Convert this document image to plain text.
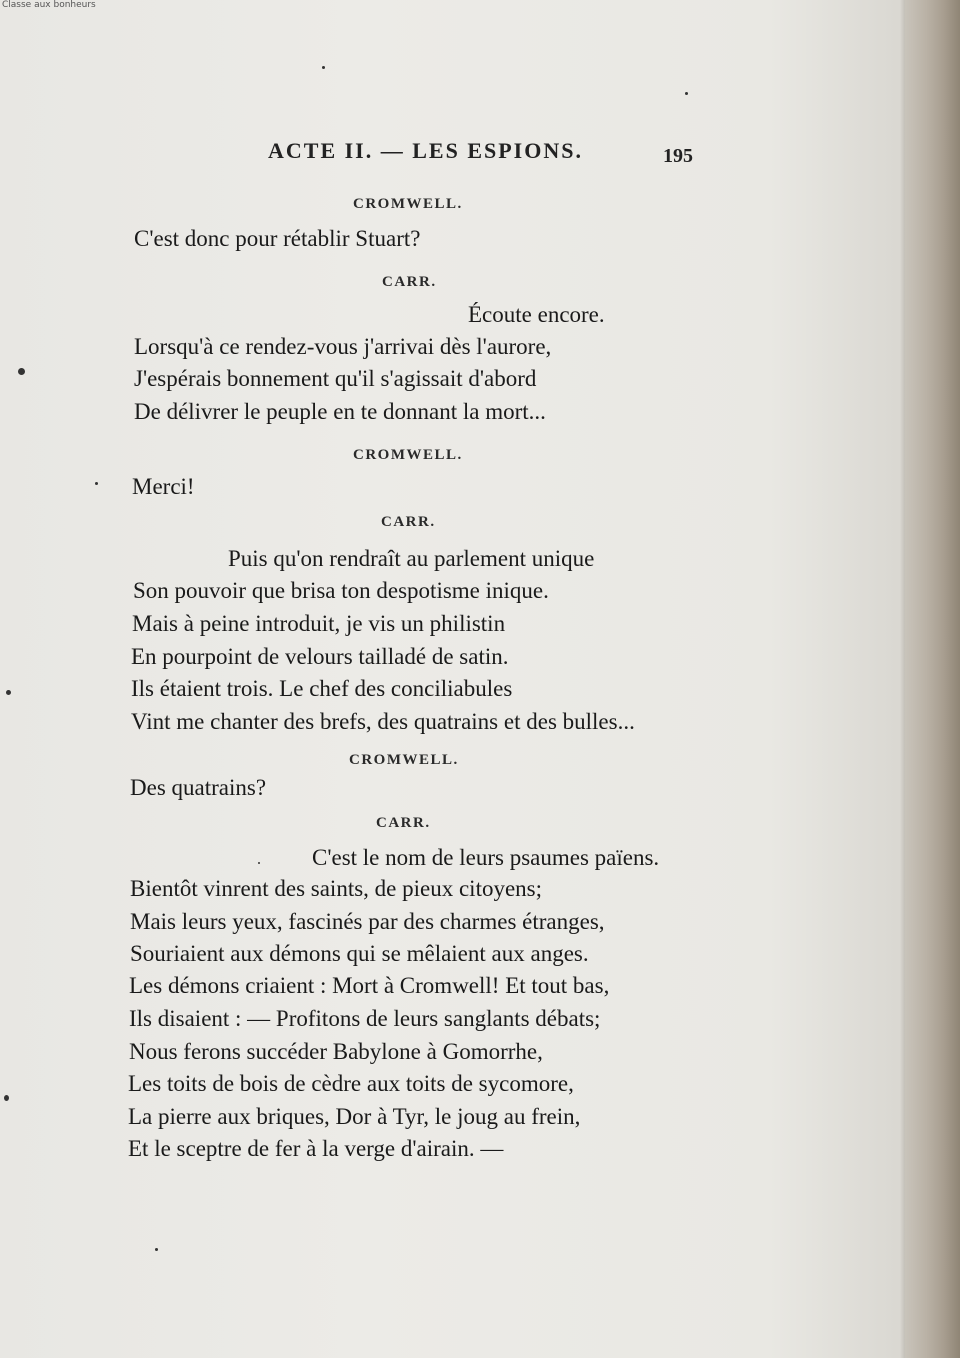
Classe aux bonheurs
ACTE II. — LES ESPIONS.	195
CROMWELL.
C'est donc pour rétablir Stuart?
CARR.
Écoute encore.
Lorsqu'à ce rendez-vous j'arrivai dès l'aurore,
J'espérais bonnement qu'il s'agissait d'abord
De délivrer le peuple en te donnant la mort...
CROMWELL.
Merci!
CARR.
Puis qu'on rendraît au parlement unique
Son pouvoir que brisa ton despotisme inique.
Mais à peine introduit, je vis un philistin
En pourpoint de velours tailladé de satin.
Ils étaient trois. Le chef des conciliabules
Vint me chanter des brefs, des quatrains et des bulles...
CROMWELL.
Des quatrains?
CARR.
C'est le nom de leurs psaumes païens.
Bientôt vinrent des saints, de pieux citoyens;
Mais leurs yeux, fascinés par des charmes étranges,
Souriaient aux démons qui se mêlaient aux anges.
Les démons criaient : Mort à Cromwell! Et tout bas,
Ils disaient : — Profitons de leurs sanglants débats;
Nous ferons succéder Babylone à Gomorrhe,
Les toits de bois de cèdre aux toits de sycomore,
La pierre aux briques, Dor à Tyr, le joug au frein,
Et le sceptre de fer à la verge d'airain. —
